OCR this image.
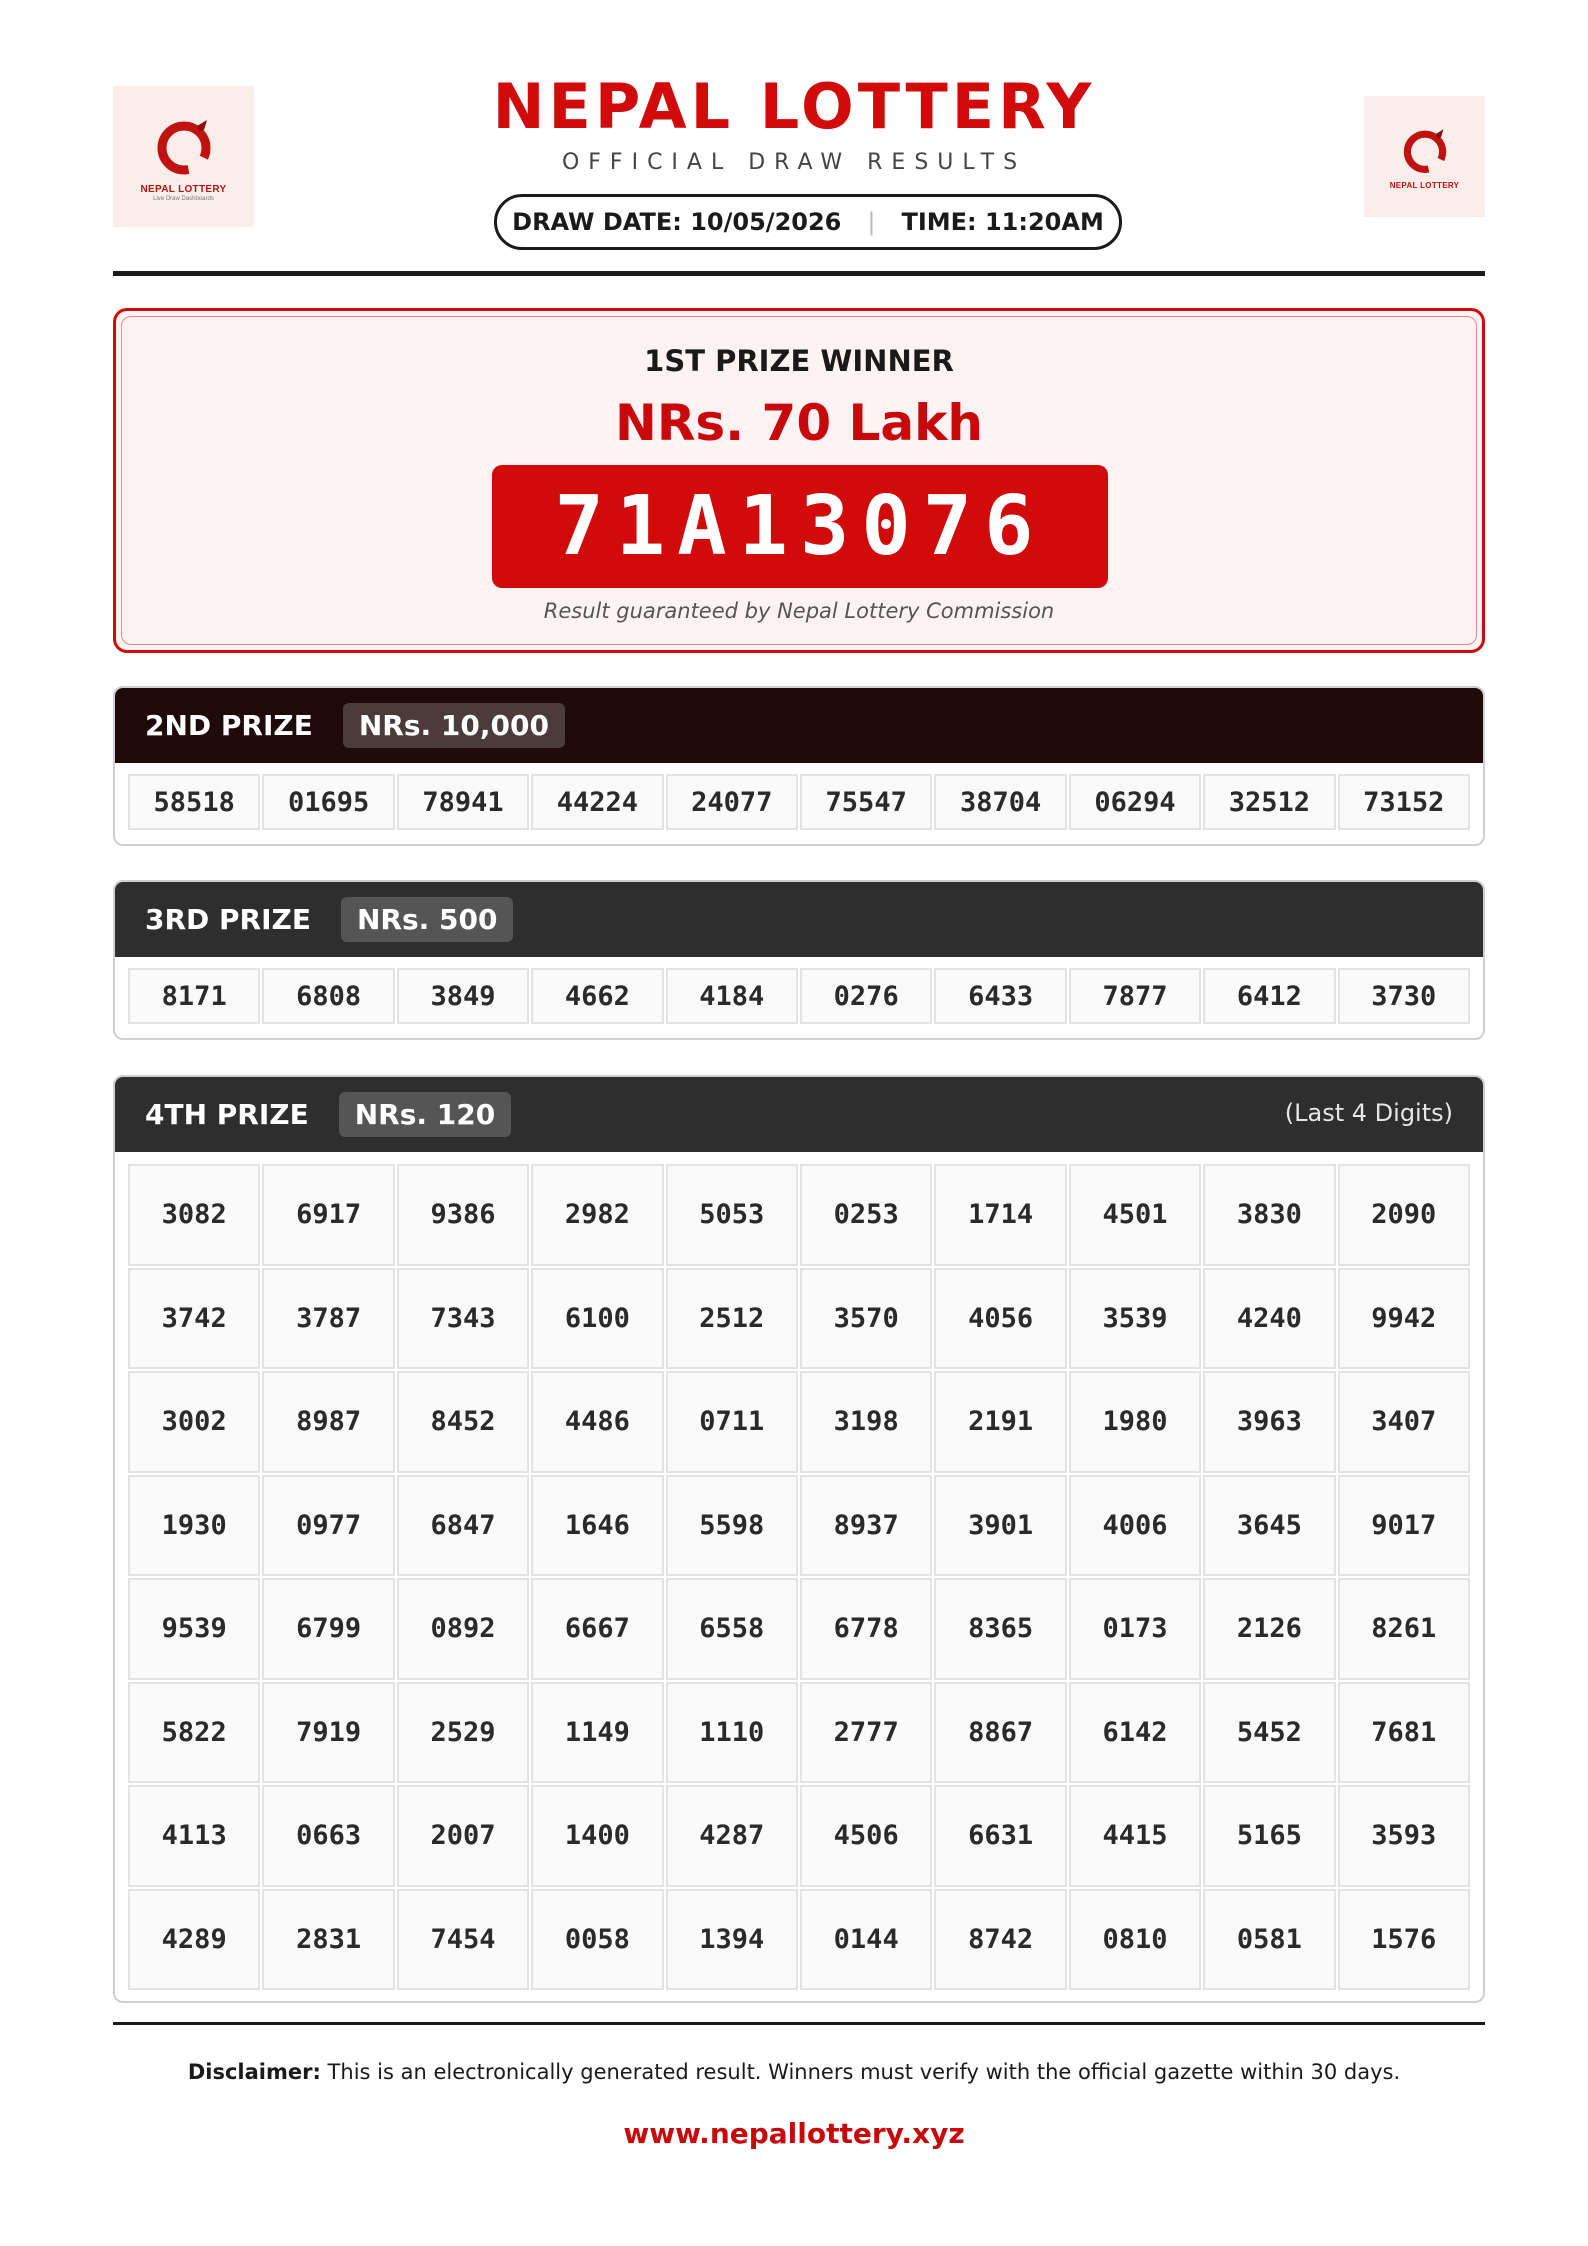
NEPAL LOTTERY
Live Draw Dashboards
NEPAL LOTTERY
NEPAL LOTTERY
OFFICIAL DRAW RESULTS
DRAW DATE: 10/05/2026 | TIME: 11:20AM
1ST PRIZE WINNER
NRs. 70 Lakh
71A13076
Result guaranteed by Nepal Lottery Commission
2ND PRIZE	NRs. 10,000
58518	01695	78941	44224	24077	75547	38704	06294	32512	73152
3RD PRIZE	NRs. 500
8171	6808	3849	4662	4184	0276	6433	7877	6412	3730
4TH PRIZE	NRs. 120	(Last 4 Digits)
3082	6917	9386	2982	5053	0253	1714	4501	3830	2090
3742	3787	7343	6100	2512	3570	4056	3539	4240	9942
3002	8987	8452	4486	0711	3198	2191	1980	3963	3407
1930	0977	6847	1646	5598	8937	3901	4006	3645	9017
9539	6799	0892	6667	6558	6778	8365	0173	2126	8261
5822	7919	2529	1149	1110	2777	8867	6142	5452	7681
4113	0663	2007	1400	4287	4506	6631	4415	5165	3593
4289	2831	7454	0058	1394	0144	8742	0810	0581	1576
Disclaimer: This is an electronically generated result. Winners must verify with the official gazette within 30 days.
www.nepallottery.xyz
